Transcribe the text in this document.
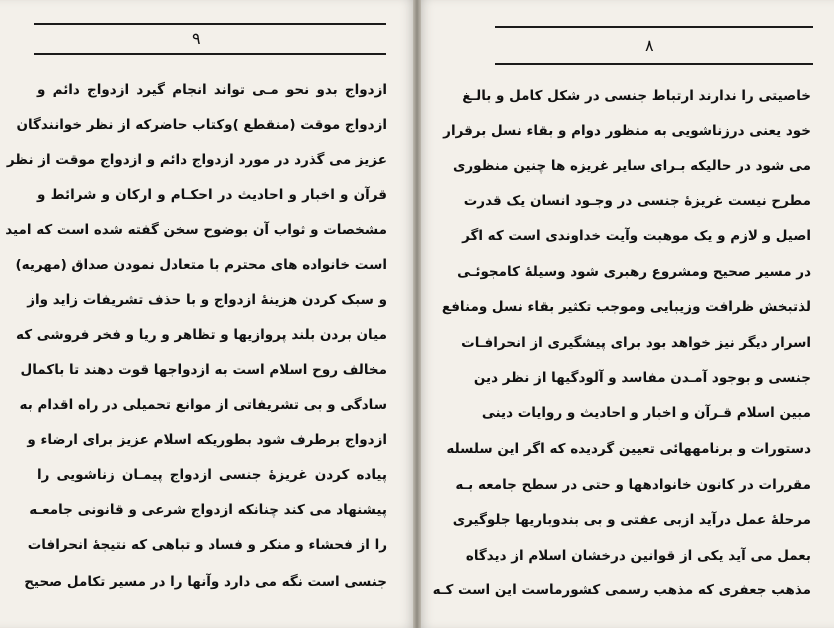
۹
ازدواج بدو نحو مـی تواند انجام گیرد ازدواج دائم و
ازدواج موقت (منقطع )وکتاب حاضرکه از نظر خوانندگان
عزیز می گذرد در مورد ازدواج دائم و ازدواج موقت از نظر
قرآن و اخبار و احادیث در احکـام و ارکان و شرائط و
مشخصات و ثواب آن بوضوح سخن گفته شده است که امید
است خانواده های محترم با متعادل نمودن صداق (مهریه)
و سبک کردن هزینهٔ ازدواج و با حذف تشریفات زاید واز
میان بردن بلند پروازیها و تظاهر و ریا و فخر فروشی که
مخالف روح اسلام است به ازدواجها قوت دهند تا باکمال
سادگی و بی تشریفاتی از موانع تحمیلی در راه اقدام به
ازدواج برطرف شود بطوریکه اسلام عزیز برای ارضاء و
پیاده کردن غریزهٔ جنسی ازدواج پیمـان زناشویی را
پیشنهاد می کند چنانکه ازدواج شرعی و قانونی جامعـه
را از فحشاء و منکر و فساد و تباهی که نتیجهٔ انحرافات
جنسی است نگه می دارد وآنها را در مسیر تکامل صحیح
۸
خاصیتی را ندارند ارتباط جنسی در شکل کامل و بالـغ
خود یعنی درزناشویی به منظور دوام و بقاء نسل برقرار
می شود در حالیکه بـرای سایر غریزه ها چنین منظوری
مطرح نیست غریزهٔ جنسی در وجـود انسان یک قدرت
اصیل و لازم و یک موهبت وآیت خداوندی است که اگر
در مسیر صحیح ومشروع رهبری شود وسیلهٔ کامجوئـی
لذتبخش ظرافت وزیبایی وموجب تکثیر بقاء نسل ومنافع
اسرار دیگر نیز خواهد بود برای پیشگیری از انحرافـات
جنسی و بوجود آمـدن مفاسد و آلودگیها از نظر دین
مبین اسلام قـرآن و اخبار و احادیث و روایات دینی
دستورات و برنامههائی تعیین گردیده که اگر این سلسله
مقررات در کانون خانوادهها و حتی در سطح جامعه بـه
مرحلهٔ عمل درآید ازبی عفتی و بی بندوباریها جلوگیری
بعمل می آید یکی از قوانین درخشان اسلام از دیدگاه
مذهب جعفری که مذهب رسمی کشورماست این است کـه
